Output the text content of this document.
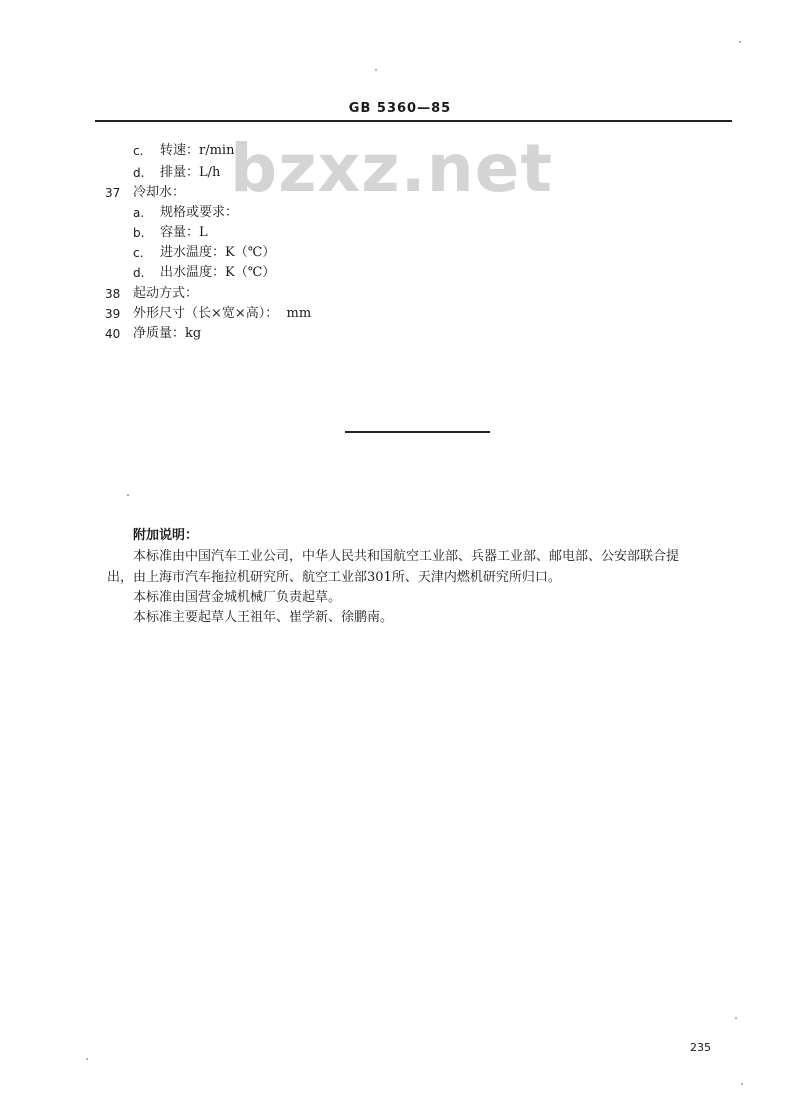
GB 5360—85
bzxz.net
c. 转速：r/min
d. 排量：L/h
37 冷却水：
a. 规格或要求：
b. 容量：L
c. 进水温度：K（℃）
d. 出水温度：K（℃）
38 起动方式：
39 外形尺寸（长×宽×高）：  mm
40 净质量：kg
附加说明：
本标准由中国汽车工业公司，中华人民共和国航空工业部、兵器工业部、邮电部、公安部联合提
出，由上海市汽车拖拉机研究所、航空工业部301所、天津内燃机研究所归口。
本标准由国营金城机械厂负责起草。
本标准主要起草人王祖年、崔学新、徐鹏南。
235
